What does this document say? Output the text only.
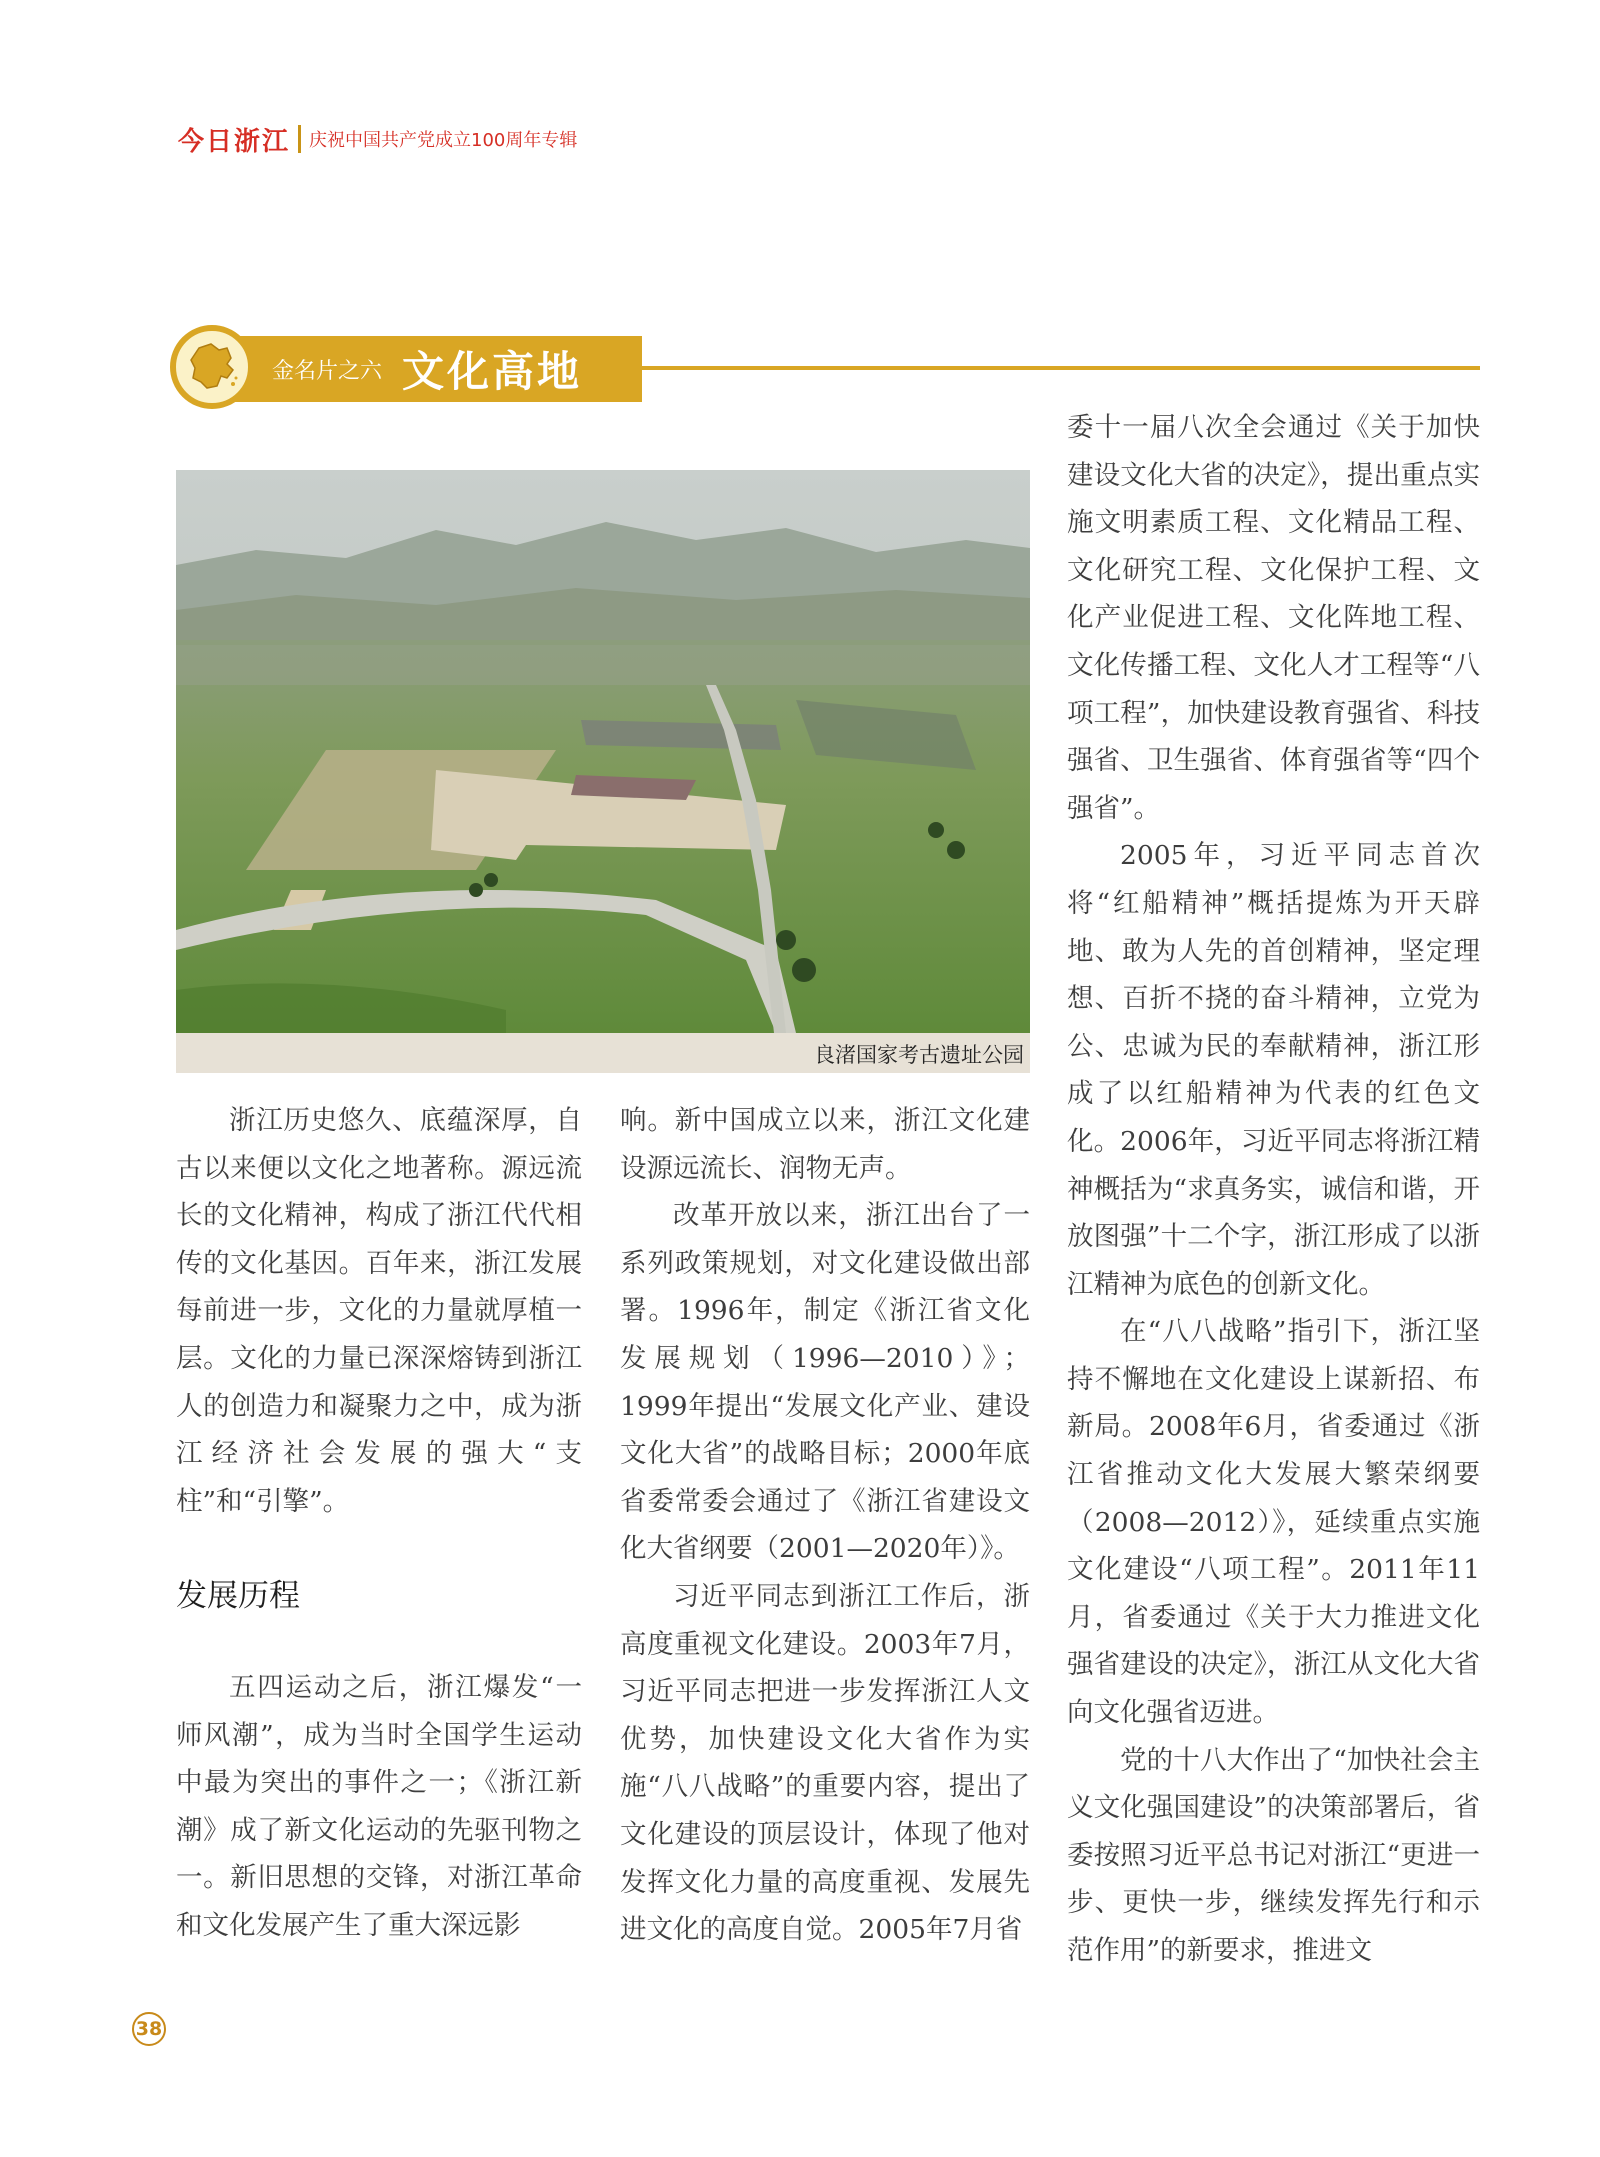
今日浙江 庆祝中国共产党成立100周年专辑
金名片之六 文化高地
良渚国家考古遗址公园

浙江历史悠久、底蕴深厚，自古以来便以文化之地著称。源远流长的文化精神，构成了浙江代代相传的文化基因。百年来，浙江发展每前进一步，文化的力量就厚植一层。文化的力量已深深熔铸到浙江人的创造力和凝聚力之中，成为浙江经济社会发展的强大“支柱”和“引擎”。

发展历程

五四运动之后，浙江爆发“一师风潮”，成为当时全国学生运动中最为突出的事件之一；《浙江新潮》成了新文化运动的先驱刊物之一。新旧思想的交锋，对浙江革命和文化发展产生了重大深远影

响。新中国成立以来，浙江文化建设源远流长、润物无声。

改革开放以来，浙江出台了一系列政策规划，对文化建设做出部署。1996年，制定《浙江省文化发展规划（1996—2010）》；1999年提出“发展文化产业、建设文化大省”的战略目标；2000年底省委常委会通过了《浙江省建设文化大省纲要（2001—2020年）》。

习近平同志到浙江工作后，浙高度重视文化建设。2003年7月，习近平同志把进一步发挥浙江人文优势，加快建设文化大省作为实施“八八战略”的重要内容，提出了文化建设的顶层设计，体现了他对发挥文化力量的高度重视、发展先进文化的高度自觉。2005年7月省

委十一届八次全会通过《关于加快建设文化大省的决定》，提出重点实施文明素质工程、文化精品工程、文化研究工程、文化保护工程、文化产业促进工程、文化阵地工程、文化传播工程、文化人才工程等“八项工程”，加快建设教育强省、科技强省、卫生强省、体育强省等“四个强省”。

2005年，习近平同志首次将“红船精神”概括提炼为开天辟地、敢为人先的首创精神，坚定理想、百折不挠的奋斗精神，立党为公、忠诚为民的奉献精神，浙江形成了以红船精神为代表的红色文化。2006年，习近平同志将浙江精神概括为“求真务实，诚信和谐，开放图强”十二个字，浙江形成了以浙江精神为底色的创新文化。

在“八八战略”指引下，浙江坚持不懈地在文化建设上谋新招、布新局。2008年6月，省委通过《浙江省推动文化大发展大繁荣纲要（2008—2012）》，延续重点实施文化建设“八项工程”。2011年11月，省委通过《关于大力推进文化强省建设的决定》，浙江从文化大省向文化强省迈进。

党的十八大作出了“加快社会主义文化强国建设”的决策部署后，省委按照习近平总书记对浙江“更进一步、更快一步，继续发挥先行和示范作用”的新要求，推进文

38
